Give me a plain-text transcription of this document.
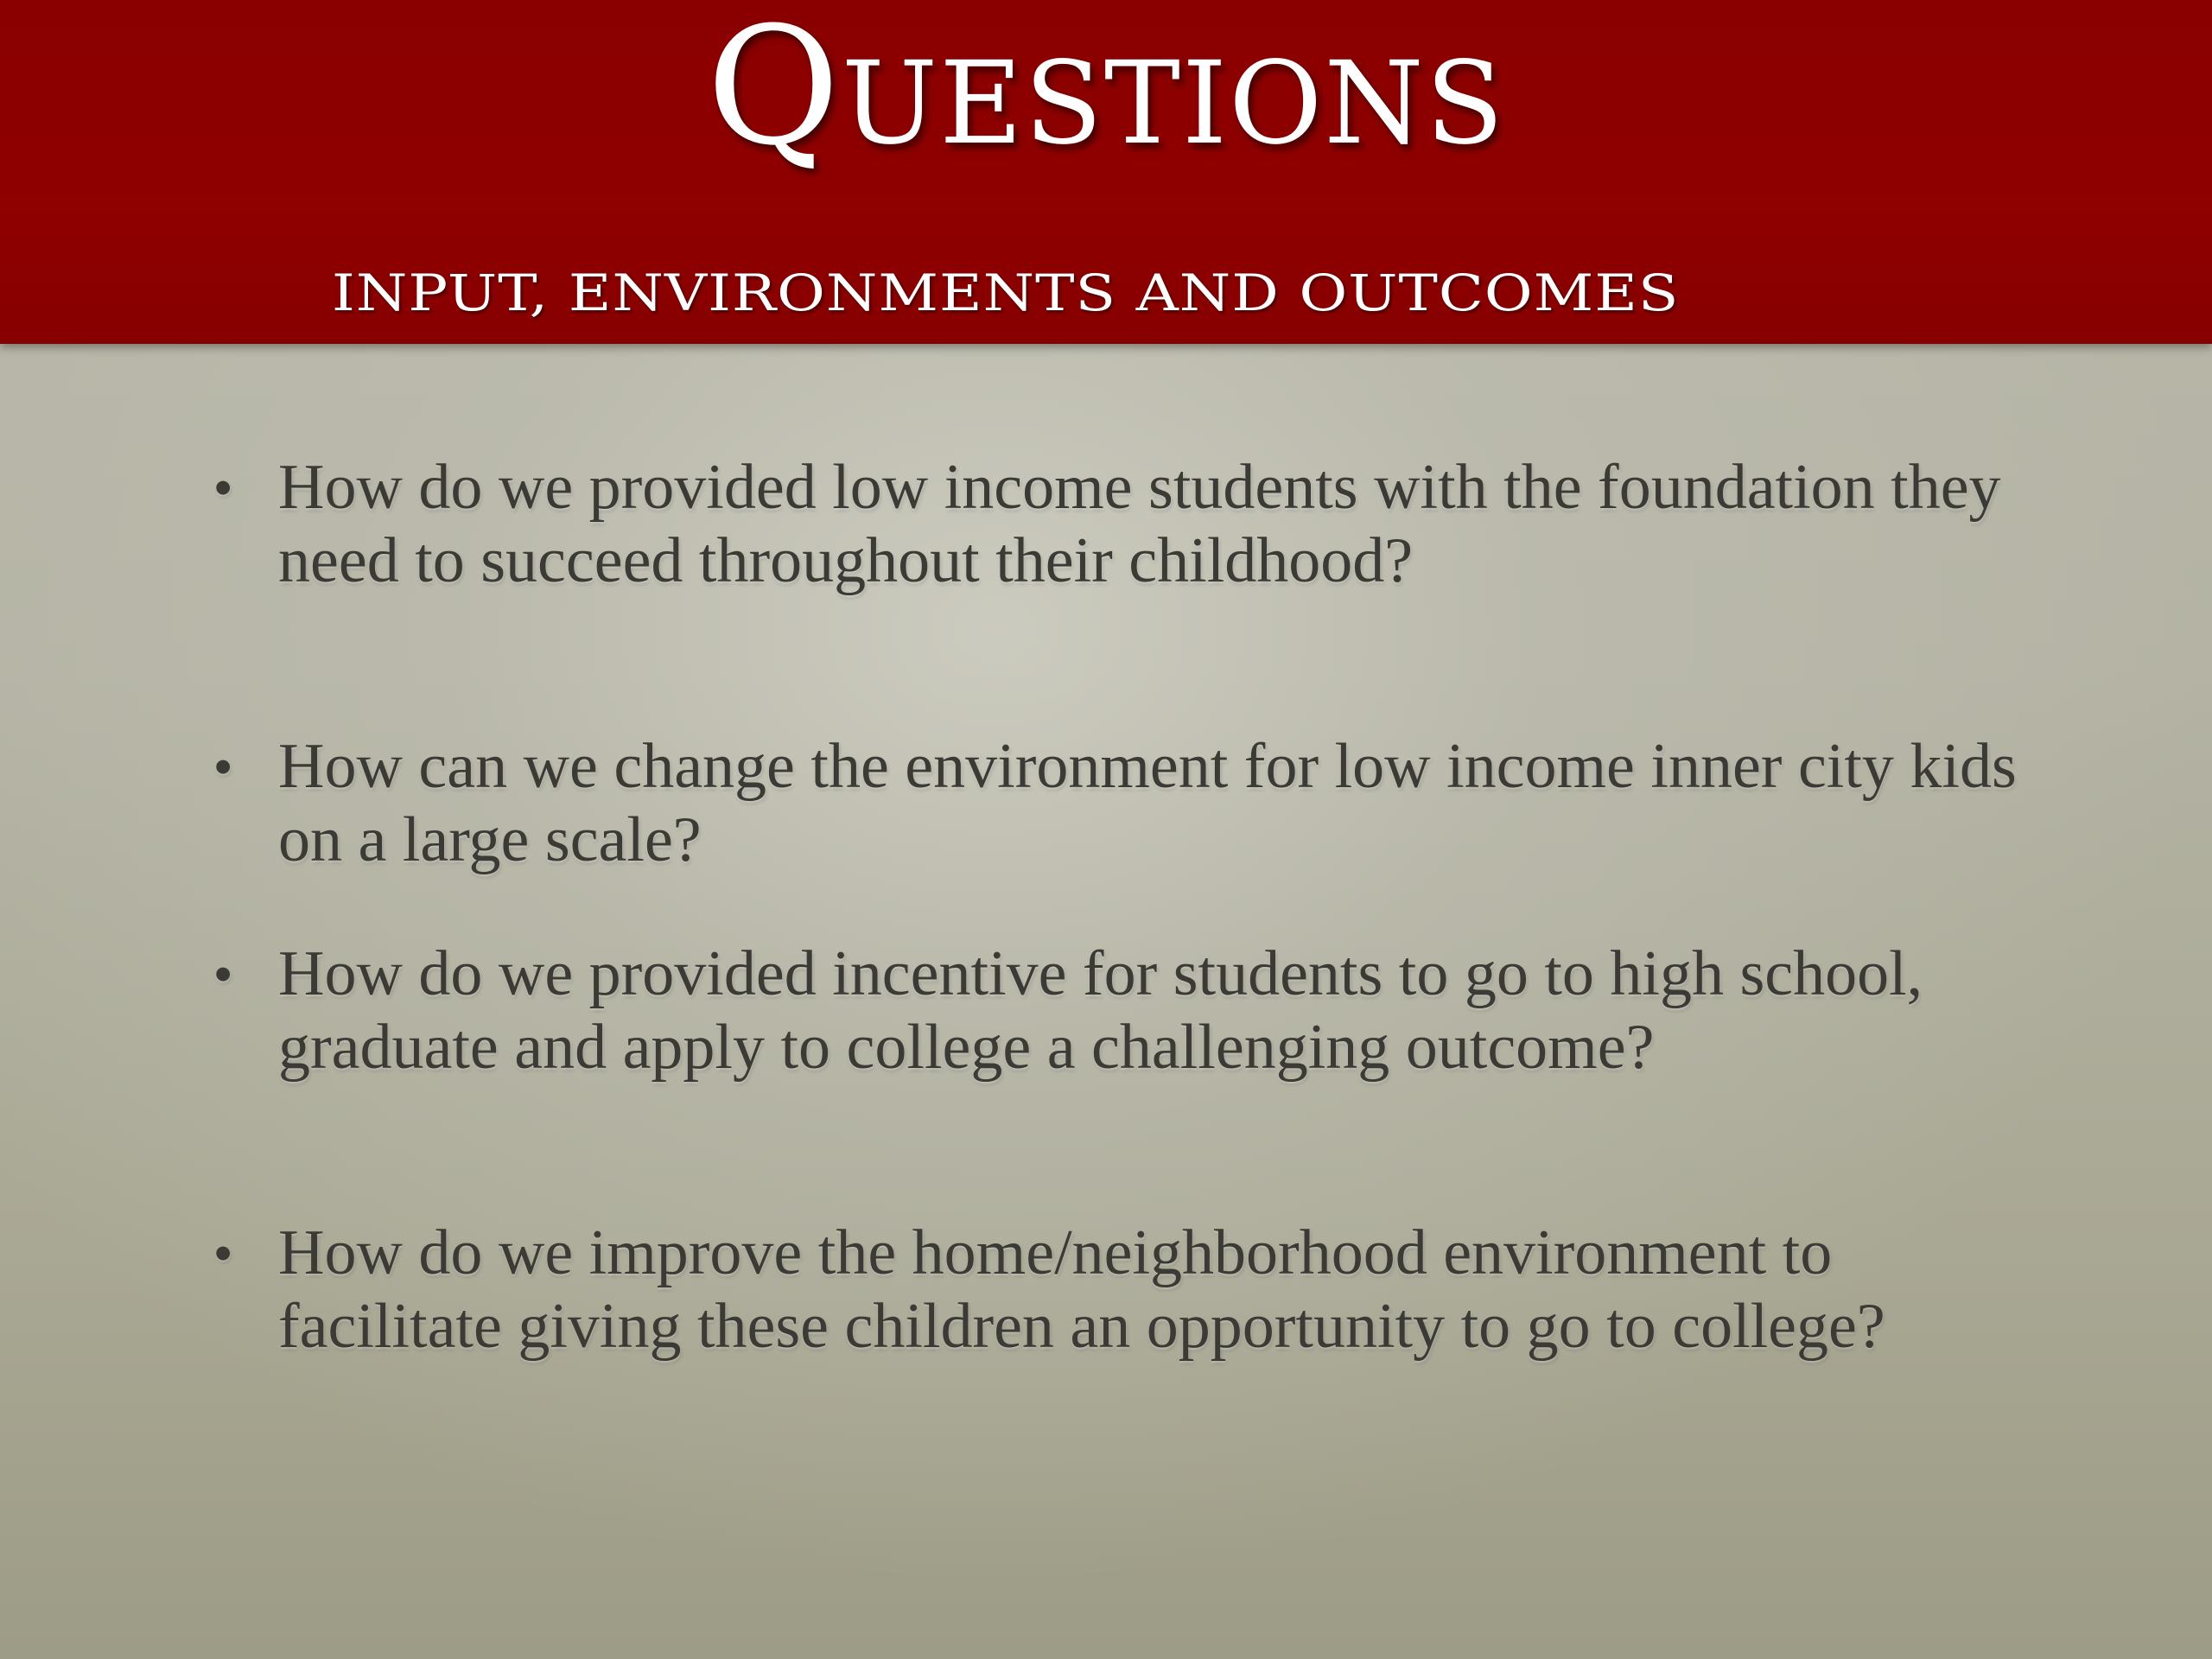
Questions
INPUT, ENVIRONMENTS AND OUTCOMES
• How do we provided low income students with the foundation they need to succeed throughout their childhood?
• How can we change the environment for low income inner city kids on a large scale?
• How do we provided incentive for students to go to high school, graduate and apply to college a challenging outcome?
• How do we improve the home/neighborhood environment to facilitate giving these children an opportunity to go to college?
